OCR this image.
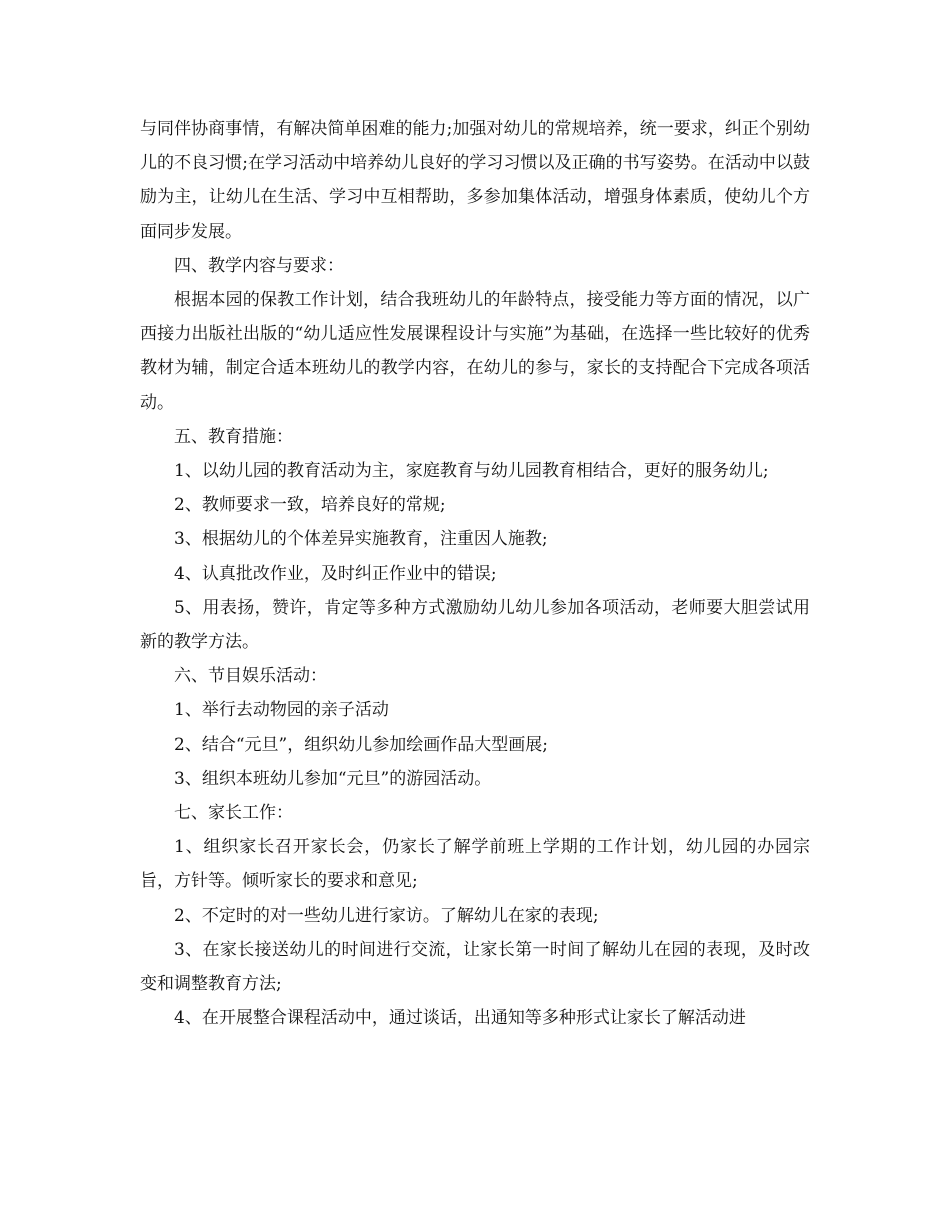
与同伴协商事情，有解决简单困难的能力;加强对幼儿的常规培养，统一要求，纠正个别幼儿的不良习惯;在学习活动中培养幼儿良好的学习习惯以及正确的书写姿势。在活动中以鼓励为主，让幼儿在生活、学习中互相帮助，多参加集体活动，增强身体素质，使幼儿个方面同步发展。

四、教学内容与要求：

根据本园的保教工作计划，结合我班幼儿的年龄特点，接受能力等方面的情况，以广西接力出版社出版的“幼儿适应性发展课程设计与实施”为基础，在选择一些比较好的优秀教材为辅，制定合适本班幼儿的教学内容，在幼儿的参与，家长的支持配合下完成各项活动。

五、教育措施：

1、以幼儿园的教育活动为主，家庭教育与幼儿园教育相结合，更好的服务幼儿;

2、教师要求一致，培养良好的常规;

3、根据幼儿的个体差异实施教育，注重因人施教;

4、认真批改作业，及时纠正作业中的错误;

5、用表扬，赞许，肯定等多种方式激励幼儿幼儿参加各项活动，老师要大胆尝试用新的教学方法。

六、节目娱乐活动：

1、举行去动物园的亲子活动

2、结合“元旦”，组织幼儿参加绘画作品大型画展;

3、组织本班幼儿参加“元旦”的游园活动。

七、家长工作：

1、组织家长召开家长会，仍家长了解学前班上学期的工作计划，幼儿园的办园宗旨，方针等。倾听家长的要求和意见;

2、不定时的对一些幼儿进行家访。了解幼儿在家的表现;

3、在家长接送幼儿的时间进行交流，让家长第一时间了解幼儿在园的表现，及时改变和调整教育方法;

4、在开展整合课程活动中，通过谈话，出通知等多种形式让家长了解活动进
